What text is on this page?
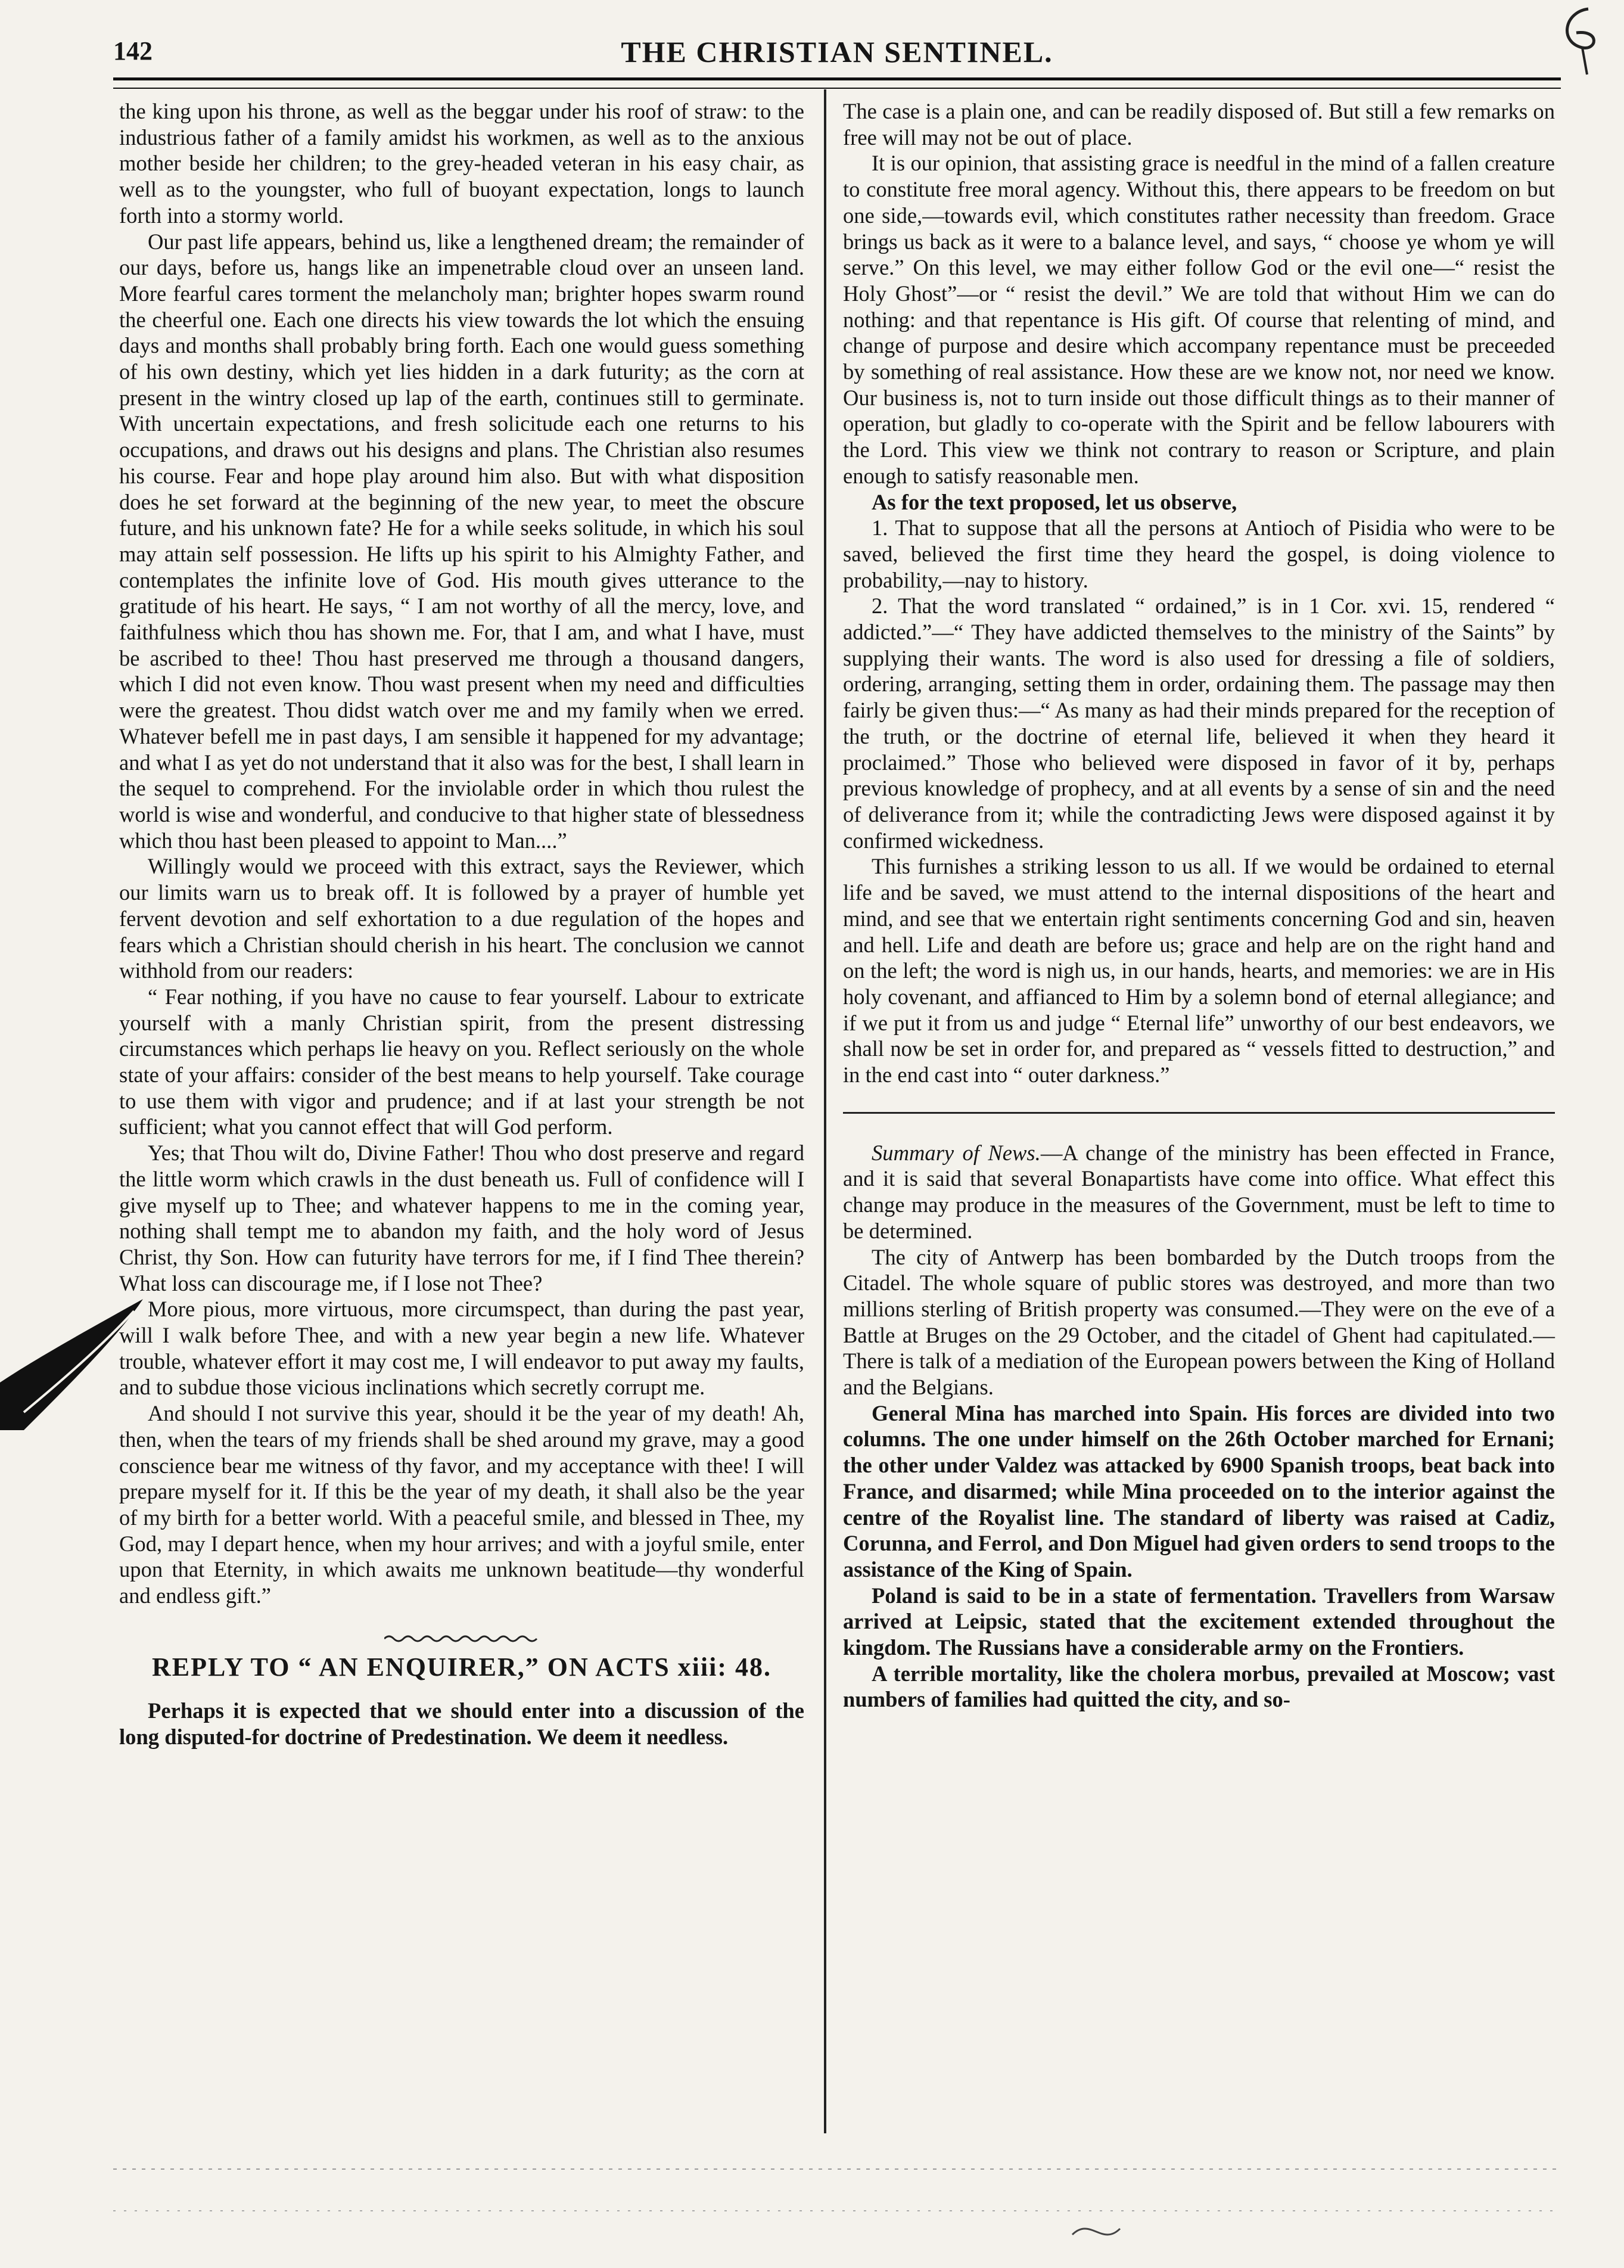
142	THE CHRISTIAN SENTINEL.

the king upon his throne, as well as the beggar under his roof of straw: to the industrious father of a family amidst his workmen, as well as to the anxious mother beside her children; to the grey-headed veteran in his easy chair, as well as to the youngster, who full of buoyant expectation, longs to launch forth into a stormy world.

Our past life appears, behind us, like a lengthened dream; the remainder of our days, before us, hangs like an impenetrable cloud over an unseen land. More fearful cares torment the melancholy man; brighter hopes swarm round the cheerful one. Each one directs his view towards the lot which the ensuing days and months shall probably bring forth. Each one would guess something of his own destiny, which yet lies hidden in a dark futurity; as the corn at present in the wintry closed up lap of the earth, continues still to germinate. With uncertain expectations, and fresh solicitude each one returns to his occupations, and draws out his designs and plans. The Christian also resumes his course. Fear and hope play around him also. But with what disposition does he set forward at the beginning of the new year, to meet the obscure future, and his unknown fate? He for a while seeks solitude, in which his soul may attain self possession. He lifts up his spirit to his Almighty Father, and contemplates the infinite love of God. His mouth gives utterance to the gratitude of his heart. He says, “ I am not worthy of all the mercy, love, and faithfulness which thou has shown me. For, that I am, and what I have, must be ascribed to thee! Thou hast preserved me through a thousand dangers, which I did not even know. Thou wast present when my need and difficulties were the greatest. Thou didst watch over me and my family when we erred. Whatever befell me in past days, I am sensible it happened for my advantage; and what I as yet do not understand that it also was for the best, I shall learn in the sequel to comprehend. For the inviolable order in which thou rulest the world is wise and wonderful, and conducive to that higher state of blessedness which thou hast been pleased to appoint to Man....”

Willingly would we proceed with this extract, says the Reviewer, which our limits warn us to break off. It is followed by a prayer of humble yet fervent devotion and self exhortation to a due regulation of the hopes and fears which a Christian should cherish in his heart. The conclusion we cannot withhold from our readers:

“ Fear nothing, if you have no cause to fear yourself. Labour to extricate yourself with a manly Christian spirit, from the present distressing circumstances which perhaps lie heavy on you. Reflect seriously on the whole state of your affairs: consider of the best means to help yourself. Take courage to use them with vigor and prudence; and if at last your strength be not sufficient; what you cannot effect that will God perform.

Yes; that Thou wilt do, Divine Father! Thou who dost preserve and regard the little worm which crawls in the dust beneath us. Full of confidence will I give myself up to Thee; and whatever happens to me in the coming year, nothing shall tempt me to abandon my faith, and the holy word of Jesus Christ, thy Son. How can futurity have terrors for me, if I find Thee therein? What loss can discourage me, if I lose not Thee?

More pious, more virtuous, more circumspect, than during the past year, will I walk before Thee, and with a new year begin a new life. Whatever trouble, whatever effort it may cost me, I will endeavor to put away my faults, and to subdue those vicious inclinations which secretly corrupt me.

And should I not survive this year, should it be the year of my death! Ah, then, when the tears of my friends shall be shed around my grave, may a good conscience bear me witness of thy favor, and my acceptance with thee! I will prepare myself for it. If this be the year of my death, it shall also be the year of my birth for a better world. With a peaceful smile, and blessed in Thee, my God, may I depart hence, when my hour arrives; and with a joyful smile, enter upon that Eternity, in which awaits me unknown beatitude—thy wonderful and endless gift.”

REPLY TO “ AN ENQUIRER,” ON ACTS xiii: 48.

Perhaps it is expected that we should enter into a discussion of the long disputed-for doctrine of Predestination. We deem it needless.

The case is a plain one, and can be readily disposed of. But still a few remarks on free will may not be out of place.

It is our opinion, that assisting grace is needful in the mind of a fallen creature to constitute free moral agency. Without this, there appears to be freedom on but one side,—towards evil, which constitutes rather necessity than freedom. Grace brings us back as it were to a balance level, and says, “ choose ye whom ye will serve.” On this level, we may either follow God or the evil one—“ resist the Holy Ghost”—or “ resist the devil.” We are told that without Him we can do nothing: and that repentance is His gift. Of course that relenting of mind, and change of purpose and desire which accompany repentance must be preceeded by something of real assistance. How these are we know not, nor need we know. Our business is, not to turn inside out those difficult things as to their manner of operation, but gladly to co-operate with the Spirit and be fellow labourers with the Lord. This view we think not contrary to reason or Scripture, and plain enough to satisfy reasonable men.

As for the text proposed, let us observe,

1. That to suppose that all the persons at Antioch of Pisidia who were to be saved, believed the first time they heard the gospel, is doing violence to probability,—nay to history.

2. That the word translated “ ordained,” is in 1 Cor. xvi. 15, rendered “ addicted.”—“ They have addicted themselves to the ministry of the Saints” by supplying their wants. The word is also used for dressing a file of soldiers, ordering, arranging, setting them in order, ordaining them. The passage may then fairly be given thus:—“ As many as had their minds prepared for the reception of the truth, or the doctrine of eternal life, believed it when they heard it proclaimed.” Those who believed were disposed in favor of it by, perhaps previous knowledge of prophecy, and at all events by a sense of sin and the need of deliverance from it; while the contradicting Jews were disposed against it by confirmed wickedness.

This furnishes a striking lesson to us all. If we would be ordained to eternal life and be saved, we must attend to the internal dispositions of the heart and mind, and see that we entertain right sentiments concerning God and sin, heaven and hell. Life and death are before us; grace and help are on the right hand and on the left; the word is nigh us, in our hands, hearts, and memories: we are in His holy covenant, and affianced to Him by a solemn bond of eternal allegiance; and if we put it from us and judge “ Eternal life” unworthy of our best endeavors, we shall now be set in order for, and prepared as “ vessels fitted to destruction,” and in the end cast into “ outer darkness.”

Summary of News.—A change of the ministry has been effected in France, and it is said that several Bonapartists have come into office. What effect this change may produce in the measures of the Government, must be left to time to be determined.

The city of Antwerp has been bombarded by the Dutch troops from the Citadel. The whole square of public stores was destroyed, and more than two millions sterling of British property was consumed.—They were on the eve of a Battle at Bruges on the 29 October, and the citadel of Ghent had capitulated.—There is talk of a mediation of the European powers between the King of Holland and the Belgians.

General Mina has marched into Spain. His forces are divided into two columns. The one under himself on the 26th October marched for Ernani; the other under Valdez was attacked by 6900 Spanish troops, beat back into France, and disarmed; while Mina proceeded on to the interior against the centre of the Royalist line. The standard of liberty was raised at Cadiz, Corunna, and Ferrol, and Don Miguel had given orders to send troops to the assistance of the King of Spain.

Poland is said to be in a state of fermentation. Travellers from Warsaw arrived at Leipsic, stated that the excitement extended throughout the kingdom. The Russians have a considerable army on the Frontiers.

A terrible mortality, like the cholera morbus, prevailed at Moscow; vast numbers of families had quitted the city, and so-
